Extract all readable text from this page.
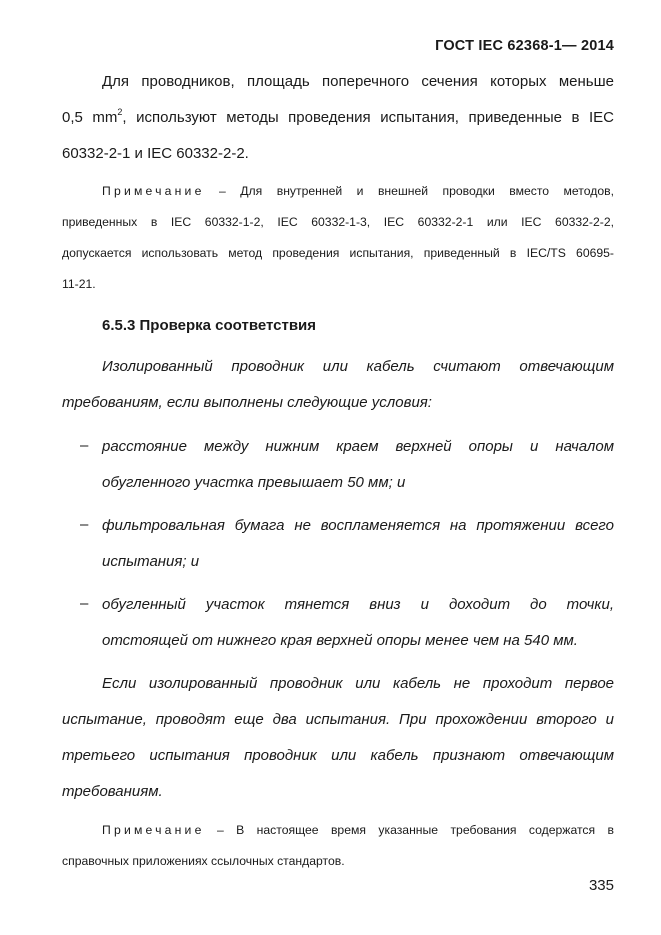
ГОСТ IEC 62368-1— 2014
Для проводников, площадь поперечного сечения которых меньше
0,5 $mm^2$, используют методы проведения испытания, приведенные в IEC
60332-2-1 и IEC 60332-2-2.
Примечание – Для внутренней и внешней проводки вместо методов,
приведенных в IEC 60332-1-2, IEC 60332-1-3, IEC 60332-2-1 или IEC 60332-2-2,
допускается использовать метод проведения испытания, приведенный в IEC/TS 60695-
11-21.
6.5.3 Проверка соответствия
Изолированный проводник или кабель считают отвечающим
требованиям, если выполнены следующие условия:
– расстояние между нижним краем верхней опоры и началом
обугленного участка превышает 50 мм; и
– фильтровальная бумага не воспламеняется на протяжении всего
испытания; и
– обугленный участок тянется вниз и доходит до точки,
отстоящей от нижнего края верхней опоры менее чем на 540 мм.
Если изолированный проводник или кабель не проходит первое
испытание, проводят еще два испытания. При прохождении второго и
третьего испытания проводник или кабель признают отвечающим
требованиям.
Примечание – В настоящее время указанные требования содержатся в
справочных приложениях ссылочных стандартов.
335
